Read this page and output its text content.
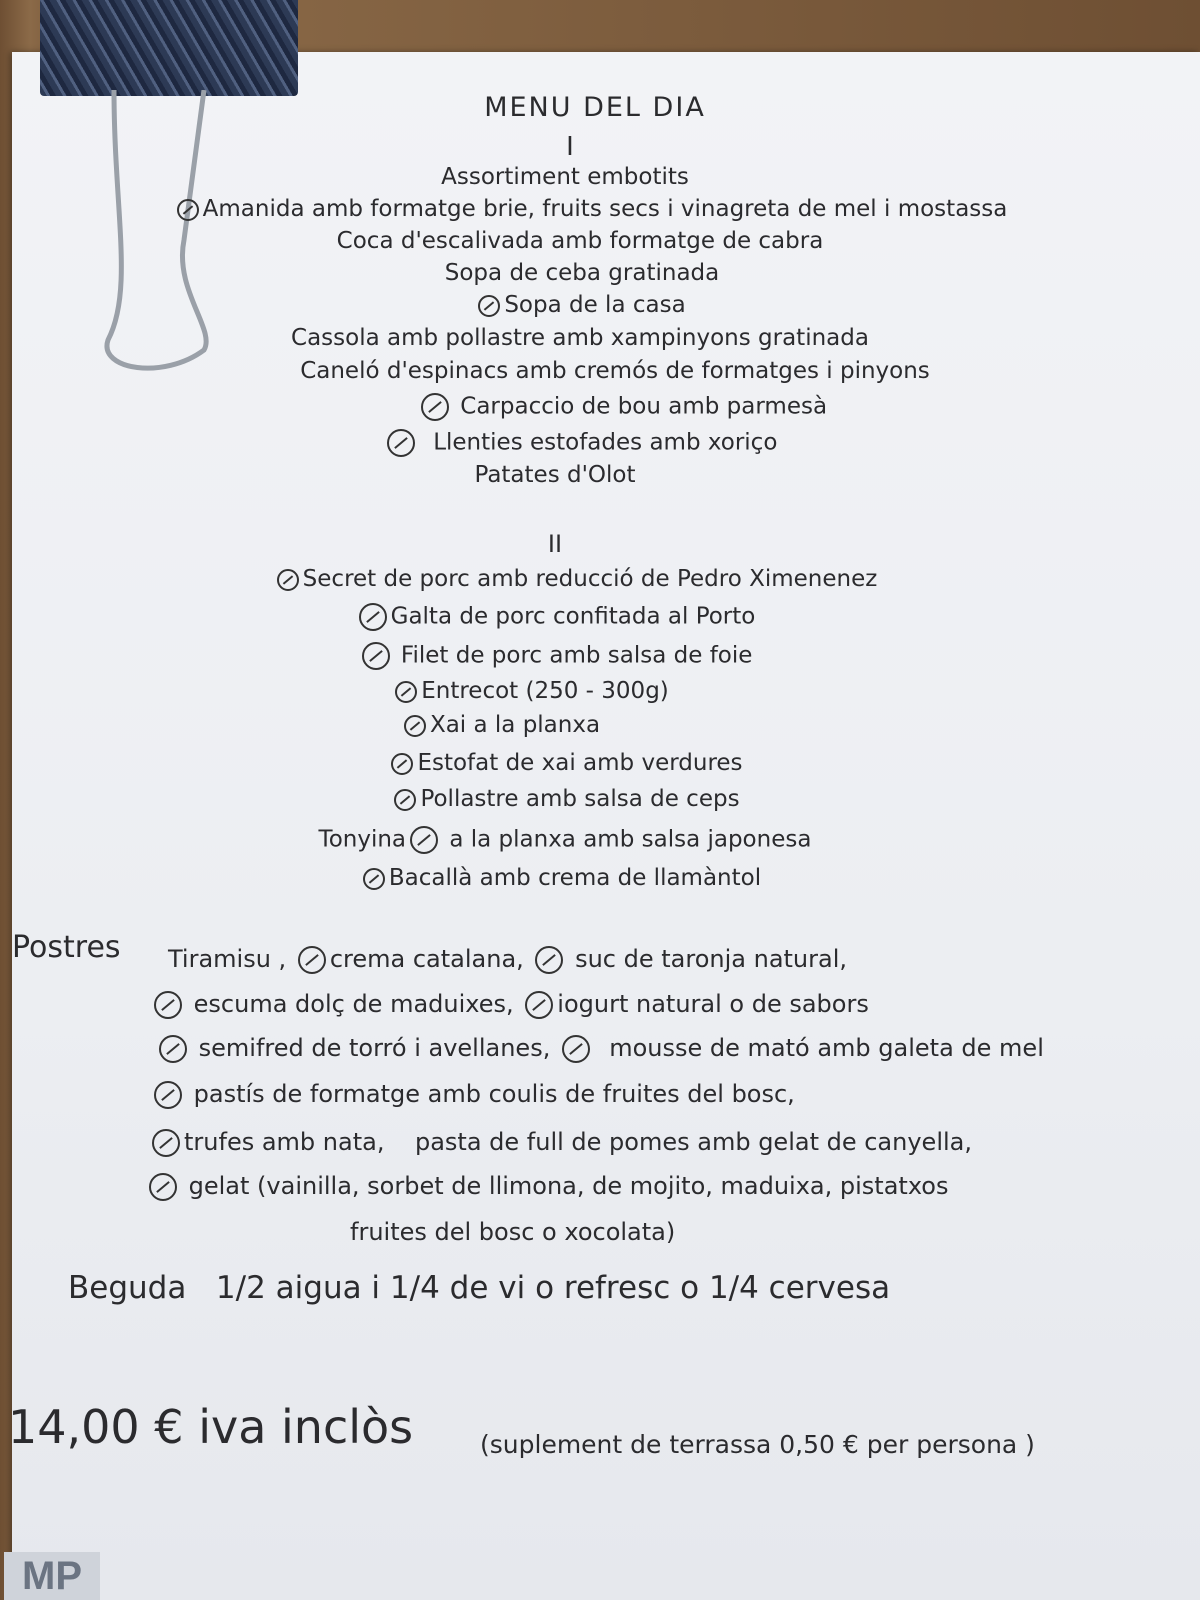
MENU DEL DIA
I
Assortiment embotits
Amanida amb formatge brie, fruits secs i vinagreta de mel i mostassa
Coca d'escalivada amb formatge de cabra
Sopa de ceba gratinada
Sopa de la casa
Cassola amb pollastre amb xampinyons gratinada
Caneló d'espinacs amb cremós de formatges i pinyons
Carpaccio de bou amb parmesà
Llenties estofades amb xoriço
Patates d'Olot
II
Secret de porc amb reducció de Pedro Ximenenez
Galta de porc confitada al Porto
Filet de porc amb salsa de foie
Entrecot (250 - 300g)
Xai a la planxa
Estofat de xai amb verdures
Pollastre amb salsa de ceps
Tonyina a la planxa amb salsa japonesa
Bacallà amb crema de llamàntol
Postres Tiramisu , crema catalana, suc de taronja natural,
escuma dolç de maduixes, iogurt natural o de sabors
semifred de torró i avellanes, mousse de mató amb galeta de mel
pastís de formatge amb coulis de fruites del bosc,
trufes amb nata, pasta de full de pomes amb gelat de canyella,
gelat (vainilla, sorbet de llimona, de mojito, maduixa, pistatxos
fruites del bosc o xocolata)
Beguda 1/2 aigua i 1/4 de vi o refresc o 1/4 cervesa
14,00 € iva inclòs	(suplement de terrassa 0,50 € per persona )
MP
